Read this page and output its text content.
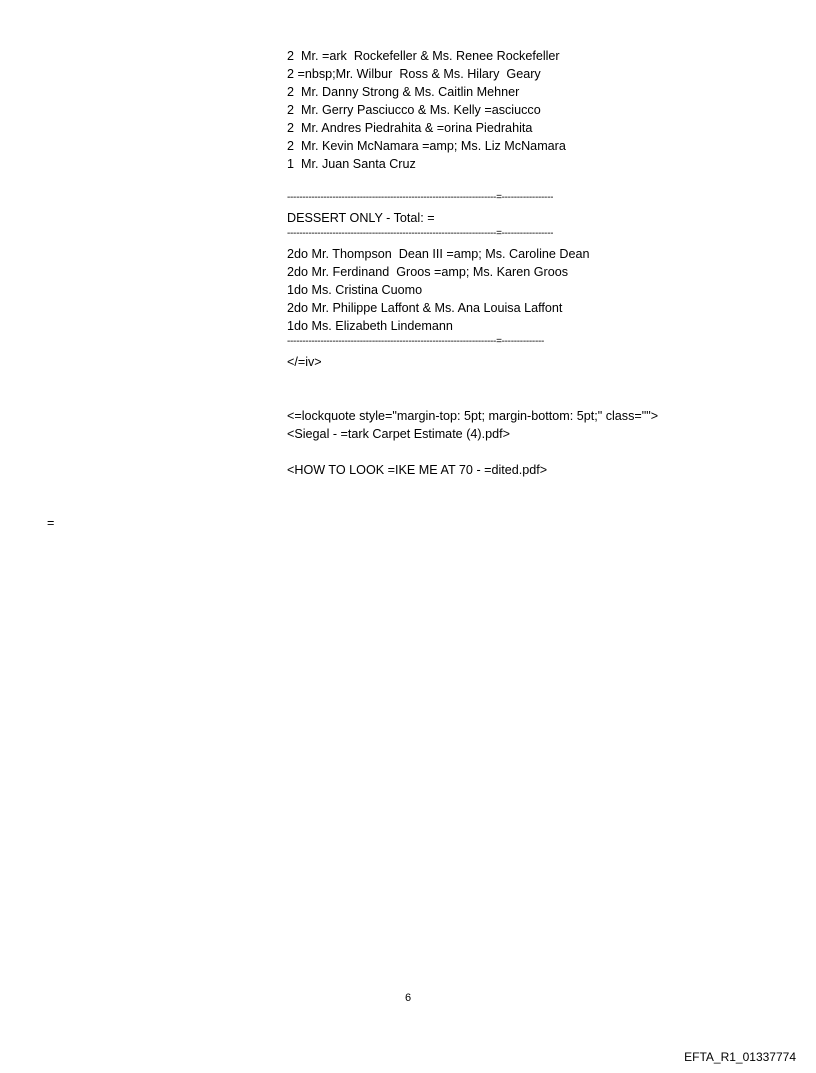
2  Mr. =ark  Rockefeller & Ms. Renee Rockefeller
2 =nbsp;Mr. Wilbur  Ross & Ms. Hilary  Geary
2  Mr. Danny Strong & Ms. Caitlin Mehner
2  Mr. Gerry Pasciucco & Ms. Kelly =asciucco
2  Mr. Andres Piedrahita & =orina Piedrahita
2  Mr. Kevin McNamara =amp; Ms. Liz McNamara
1  Mr. Juan Santa Cruz
---------------------------------------------------------------------=-----------------
DESSERT ONLY - Total: =
---------------------------------------------------------------------=-----------------
2do Mr. Thompson  Dean III =amp; Ms. Caroline Dean
2do Mr. Ferdinand  Groos =amp; Ms. Karen Groos
1do Ms. Cristina Cuomo
2do Mr. Philippe Laffont & Ms. Ana Louisa Laffont
1do Ms. Elizabeth Lindemann
---------------------------------------------------------------------=--------------
</=iv>
<=lockquote style="margin-top: 5pt; margin-bottom: 5pt;" class="">
<Siegal - =tark Carpet Estimate (4).pdf>
<HOW TO LOOK =IKE ME AT 70 - =dited.pdf>
=
6
EFTA_R1_01337774
